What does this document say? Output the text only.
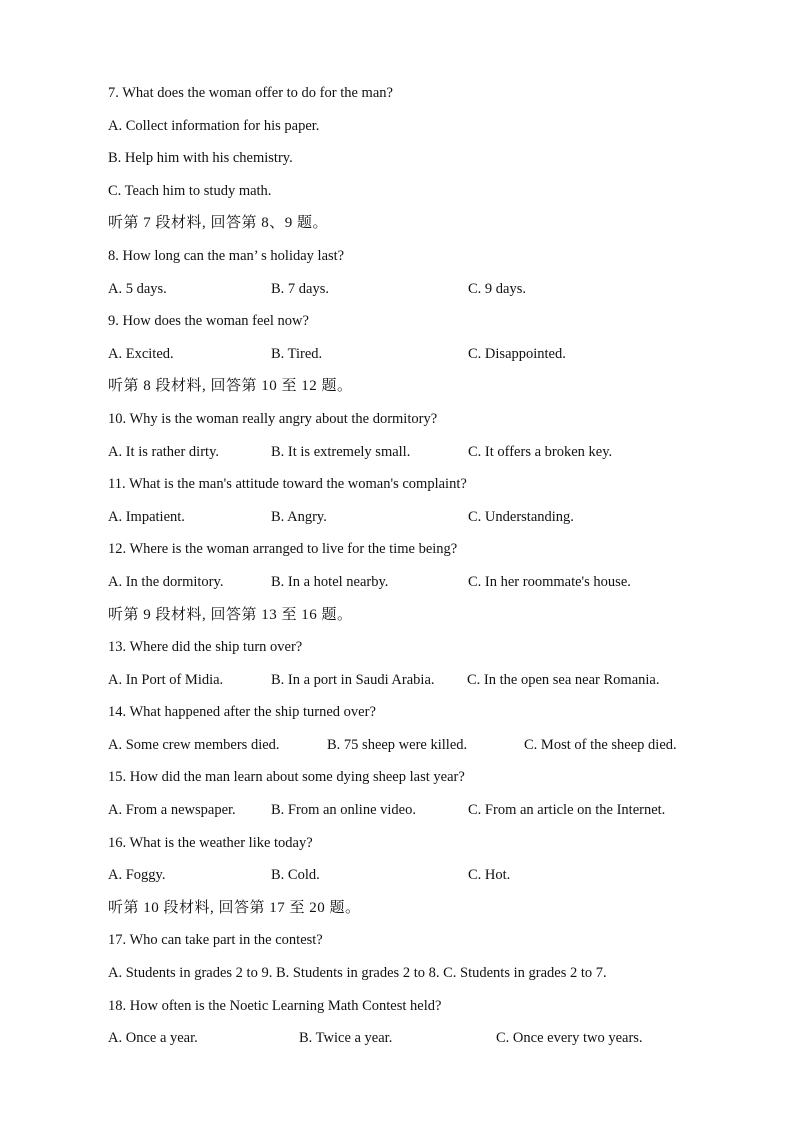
7. What does the woman offer to do for the man?
A. Collect information for his paper.
B. Help him with his chemistry.
C. Teach him to study math.
听第 7 段材料, 回答第 8、9 题。
8. How long can the man’ s holiday last?
A. 5 days.	B. 7 days.	C. 9 days.
9. How does the woman feel now?
A. Excited.	B. Tired.	C. Disappointed.
听第 8 段材料, 回答第 10 至 12 题。
10. Why is the woman really angry about the dormitory?
A. It is rather dirty.	B. It is extremely small.	C. It offers a broken key.
11. What is the man's attitude toward the woman's complaint?
A. Impatient.	B. Angry.	C. Understanding.
12. Where is the woman arranged to live for the time being?
A. In the dormitory.	B. In a hotel nearby.	C. In her roommate's house.
听第 9 段材料, 回答第 13 至 16 题。
13. Where did the ship turn over?
A. In Port of Midia.	B. In a port in Saudi Arabia. C. In the open sea near Romania.
14. What happened after the ship turned over?
A. Some crew members died.	B. 75 sheep were killed.	C. Most of the sheep died.
15. How did the man learn about some dying sheep last year?
A. From a newspaper. B. From an online video.	C. From an article on the Internet.
16. What is the weather like today?
A. Foggy.	B. Cold.	C. Hot.
听第 10 段材料, 回答第 17 至 20 题。
17. Who can take part in the contest?
A. Students in grades 2 to 9. B. Students in grades 2 to 8. C. Students in grades 2 to 7.
18. How often is the Noetic Learning Math Contest held?
A. Once a year.	B. Twice a year.	C. Once every two years.
